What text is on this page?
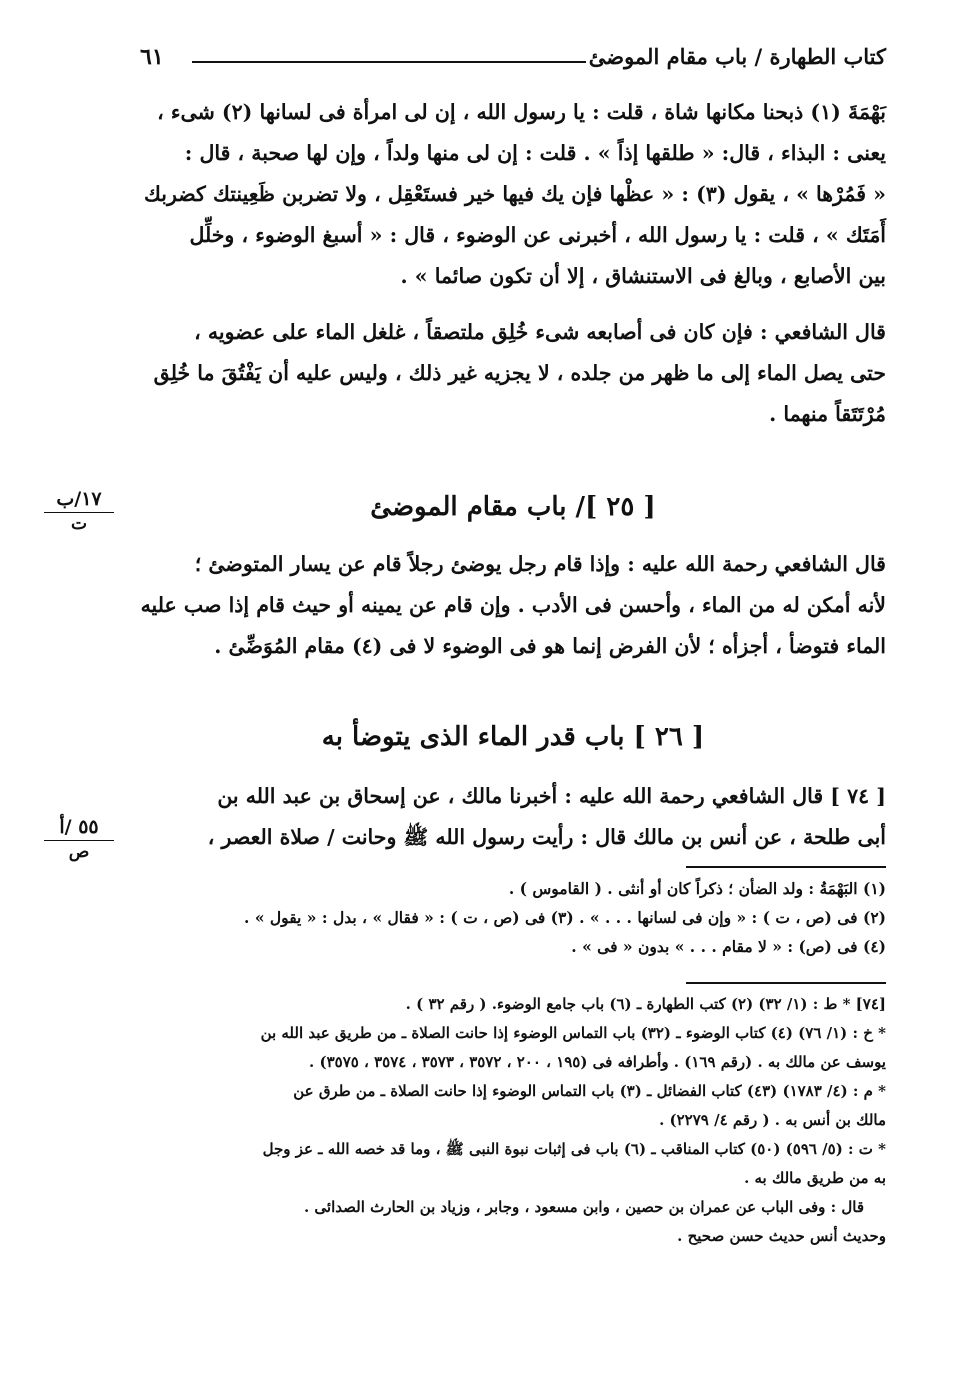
كتاب الطهارة / باب مقام الموضئ
٦١

بَهْمَةَ (١) ذبحنا مكانها شاة ، قلت : يا رسول الله ، إن لى امرأة فى لسانها (٢) شىء ،

يعنى : البذاء ، قال: « طلقها إذاً » . قلت : إن لى منها ولداً ، وإن لها صحبة ، قال :

« فَمُرْها » ، يقول (٣) : « عظْها فإن يك فيها خير فستَعْقِل ، ولا تضربن ظَعِينتك كضربك

أَمَتَك » ، قلت : يا رسول الله ، أخبرنى عن الوضوء ، قال : « أسبغ الوضوء ، وخلِّل

بين الأصابع ، وبالغ فى الاستنشاق ، إلا أن تكون صائما » .

قال الشافعي : فإن كان فى أصابعه شىء خُلِق ملتصقاً ، غلغل الماء على عضويه ،

حتى يصل الماء إلى ما ظهر من جلده ، لا يجزيه غير ذلك ، وليس عليه أن يَفْتُقَ ما خُلِق

مُرْتَتَقاً منهما .

١٧/ب
ت
[ ٢٥ ]/ باب مقام الموضئ

قال الشافعي رحمة الله عليه : وإذا قام رجل يوضئ رجلاً قام عن يسار المتوضئ ؛

لأنه أمكن له من الماء ، وأحسن فى الأدب . وإن قام عن يمينه أو حيث قام إذا صب عليه

الماء فتوضأ ، أجزأه ؛ لأن الفرض إنما هو فى الوضوء لا فى (٤) مقام المُوَضِّئ .

[ ٢٦ ] باب قدر الماء الذى يتوضأ به

[ ٧٤ ] قال الشافعي رحمة الله عليه : أخبرنا مالك ، عن إسحاق بن عبد الله بن

أبى طلحة ، عن أنس بن مالك قال : رأيت رسول الله ﷺ وحانت / صلاة العصر ،

٥٥ /أ
ص
(١) البَهْمَةُ : ولد الضأن ؛ ذكراً كان أو أنثى . ( القاموس ) .
(٢) فى (ص ، ت ) : « وإن فى لسانها . . . » . (٣) فى (ص ، ت ) : « فقال » ، بدل : « يقول » .
(٤) فى (ص) : « لا مقام . . . » بدون « فى » .
[٧٤] * ط : (١/ ٣٢) (٢) كتب الطهارة ـ (٦) باب جامع الوضوء. ( رقم ٣٢ ) .
* خ : (١/ ٧٦) (٤) كتاب الوضوء ـ (٣٢) باب التماس الوضوء إذا حانت الصلاة ـ من طريق عبد الله بن
يوسف عن مالك به . (رقم ١٦٩) . وأطرافه فى (١٩٥ ، ٢٠٠ ، ٣٥٧٢ ، ٣٥٧٣ ، ٣٥٧٤ ، ٣٥٧٥) .
* م : (٤/ ١٧٨٣) (٤٣) كتاب الفضائل ـ (٣) باب التماس الوضوء إذا حانت الصلاة ـ من طرق عن
مالك بن أنس به . ( رقم ٤/ ٢٢٧٩) .
* ت : (٥/ ٥٩٦) (٥٠) كتاب المناقب ـ (٦) باب فى إثبات نبوة النبى ﷺ ، وما قد خصه الله ـ عز وجل
به من طريق مالك به .
قال : وفى الباب عن عمران بن حصين ، وابن مسعود ، وجابر ، وزياد بن الحارث الصدائى .
وحديث أنس حديث حسن صحيح .
